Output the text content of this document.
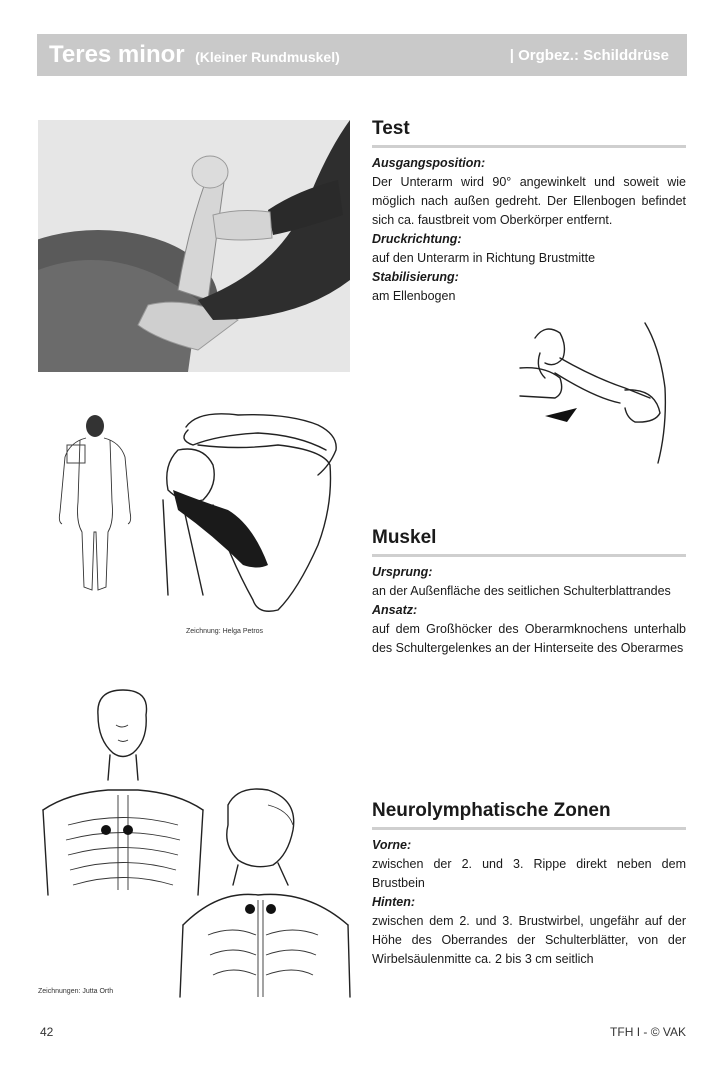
Teres minor (Kleiner Rundmuskel)	| Orgbez.: Schilddrüse
Test
Ausgangsposition:
Der Unterarm wird 90° angewinkelt und soweit wie möglich nach außen gedreht. Der Ellenbogen befindet sich ca. faustbreit vom Oberkörper entfernt.
Druckrichtung:
auf den Unterarm in Richtung Brustmitte
Stabilisierung:
am Ellenbogen
Zeichnung: Helga Petros
Muskel
Ursprung:
an der Außenfläche des seitlichen Schulterblattrandes
Ansatz:
auf dem Großhöcker des Oberarmknochens unterhalb des Schultergelenkes an der Hinterseite des Oberarmes
Zeichnungen: Jutta Orth
Neurolymphatische Zonen
Vorne:
zwischen der 2. und 3. Rippe direkt neben dem Brustbein
Hinten:
zwischen dem 2. und 3. Brustwirbel, ungefähr auf der Höhe des Oberrandes der Schulterblätter, von der Wirbelsäulenmitte ca. 2 bis 3 cm seitlich
42	TFH I - © VAK
